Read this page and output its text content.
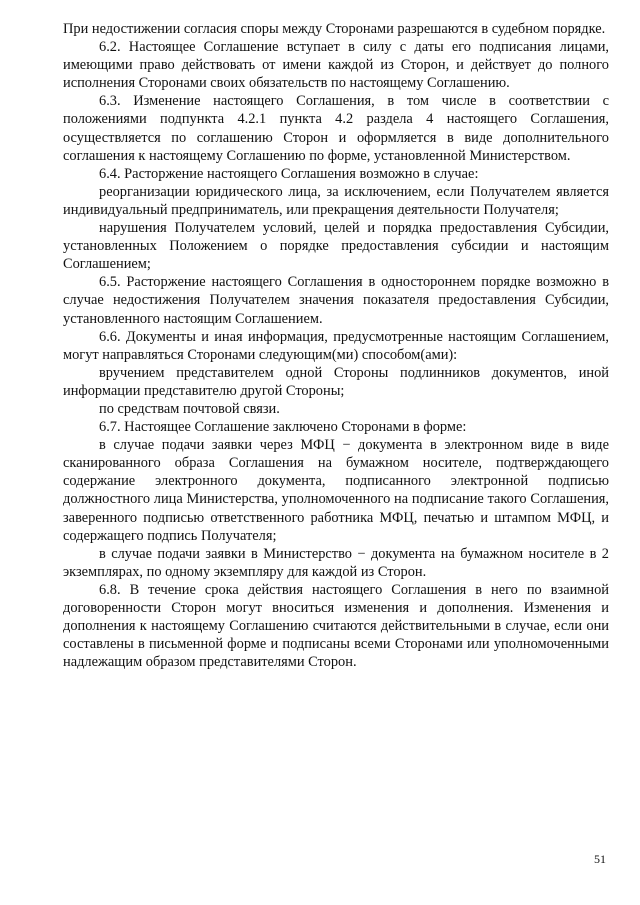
При недостижении согласия споры между Сторонами разрешаются в судебном порядке.

6.2. Настоящее Соглашение вступает в силу с даты его подписания лицами, имеющими право действовать от имени каждой из Сторон, и действует до полного исполнения Сторонами своих обязательств по настоящему Соглашению.

6.3. Изменение настоящего Соглашения, в том числе в соответствии с положениями подпункта 4.2.1 пункта 4.2 раздела 4 настоящего Соглашения, осуществляется по соглашению Сторон и оформляется в виде дополнительного соглашения к настоящему Соглашению по форме, установленной Министерством.

6.4. Расторжение настоящего Соглашения возможно в случае:

реорганизации юридического лица, за исключением, если Получателем является индивидуальный предприниматель, или прекращения деятельности Получателя;

нарушения Получателем условий, целей и порядка предоставления Субсидии, установленных Положением о порядке предоставления субсидии и настоящим Соглашением;

6.5. Расторжение настоящего Соглашения в одностороннем порядке возможно в случае недостижения Получателем значения показателя предоставления Субсидии, установленного настоящим Соглашением.

6.6. Документы и иная информация, предусмотренные настоящим Соглашением, могут направляться Сторонами следующим(ми) способом(ами):

вручением представителем одной Стороны подлинников документов, иной информации представителю другой Стороны;

по средствам почтовой связи.

6.7. Настоящее Соглашение заключено Сторонами в форме:

в случае подачи заявки через МФЦ − документа в электронном виде в виде сканированного образа Соглашения на бумажном носителе, подтверждающего содержание электронного документа, подписанного электронной подписью должностного лица Министерства, уполномоченного на подписание такого Соглашения, заверенного подписью ответственного работника МФЦ, печатью и штампом МФЦ, и содержащего подпись Получателя;

в случае подачи заявки в Министерство − документа на бумажном носителе в 2 экземплярах, по одному экземпляру для каждой из Сторон.

6.8. В течение срока действия настоящего Соглашения в него по взаимной договоренности Сторон могут вноситься изменения и дополнения. Изменения и дополнения к настоящему Соглашению считаются действительными в случае, если они составлены в письменной форме и подписаны всеми Сторонами или уполномоченными надлежащим образом представителями Сторон.

51
